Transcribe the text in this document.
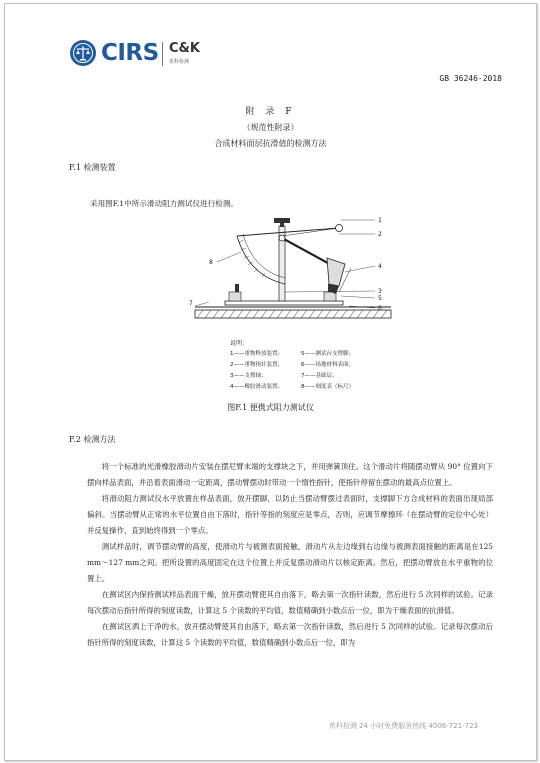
CIRS C&K
希科检测
GB 36246-2018
附 录 F
（规范性附录）
合成材料面层抗滑值的检测方法
F.1 检测装置
采用图F.1中所示滑动阻力测试仪进行检测。
1
2
3
4
5
6
7
8
说明：
1——重物释放装置；
2——重物指针装置；
3——支撑轴；
4——橡胶滑动装置；
5——测试台支撑脚；
6——场地材料表面；
7——基础层；
8——刻度表（标尺）
图F.1 便携式阻力测试仪
F.2 检测方法

将一个标准的光滑橡胶滑动片安装在摆尼臂末端的支撑块之下，并用弹簧顶住。这个滑动片将随摆动臂从 90° 位置向下摆向样品表面，并沿着表面滑动一定距离，摆动臂摆动时带动一个惰性指针，使指针停留在摆动的最高点位置上。

将滑动阻力测试仪水平放置在样品表面，放开摆脚，以防止当摆动臂摆过表面时，支撑脚下方合成材料的表面出现局部偏斜。当摆动臂从正常的水平位置自由下落时，指针等指的刻度应是零点，否则，应调节摩擦环（在摆动臂的定位中心处）并反复操作，直到始终得到一个零点。

测试样品时，调节摆动臂的高度，使滑动片与被测表面接触，滑动片从左边缘到右边缘与被测表面接触的距离是在125 mm～127 mm之间。把所设置的高度固定在这个位置上并反复摆动滑动片以核定距离。然后，把摆动臂放在水平重物的位置上。

在测试区内保持测试样品表面干燥，放开摆动臂使其自由落下，略去第一次指针读数，然后进行 5 次同样的试验。记录每次摆动后指针所得的刻度读数，计算这 5 个读数的平均值，数值精确到小数点后一位，即为干燥表面的抗滑值。

在测试区洒上干净的水，放开摆动臂使其自由落下，略去第一次指针读数，然后进行 5 次同样的试验。记录每次摆动后指针所得的刻度读数，计算这 5 个读数的平均值，数值精确到小数点后一位，即为

希科检测 24 小时免费服务热线 4006-721-723
